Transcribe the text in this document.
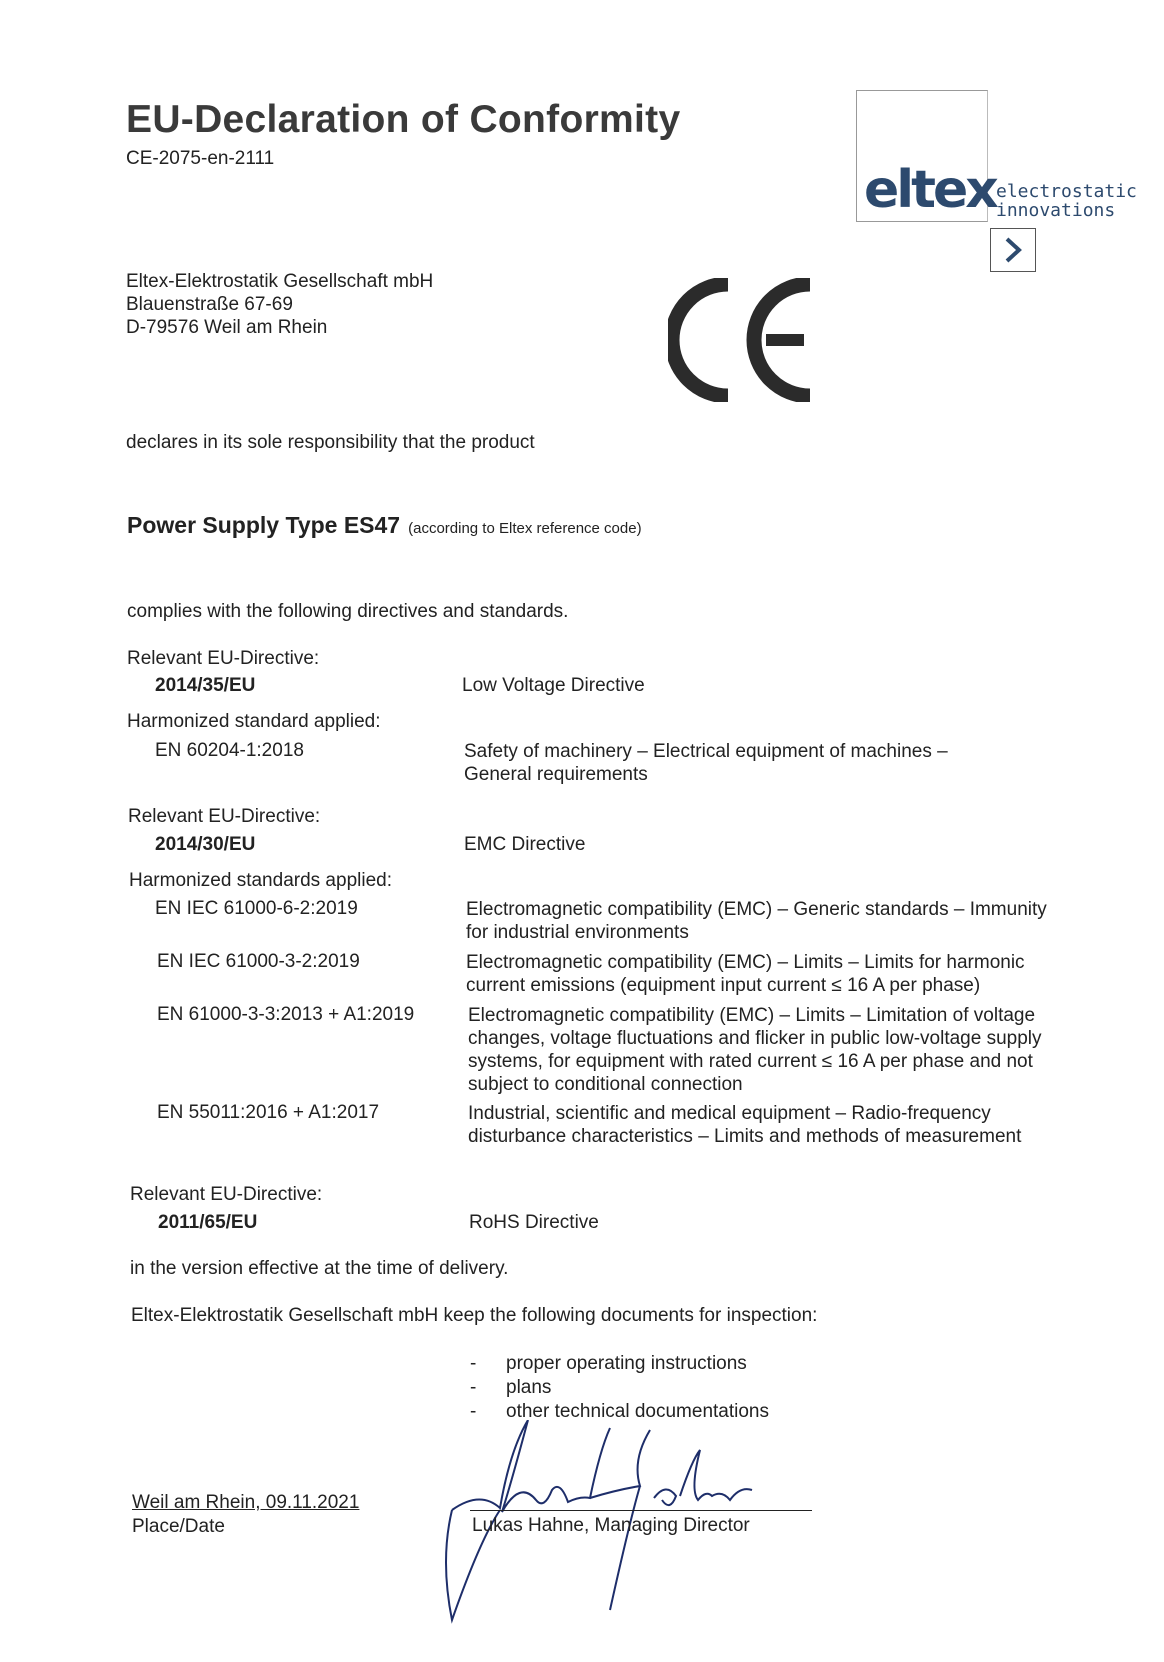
EU-Declaration of Conformity
CE-2075-en-2111
eltex electrostatic
innovations
Eltex-Elektrostatik Gesellschaft mbH
Blauenstraße 67-69
D-79576 Weil am Rhein
declares in its sole responsibility that the product
Power Supply Type ES47 (according to Eltex reference code)
complies with the following directives and standards.
Relevant EU-Directive:
2014/35/EU	Low Voltage Directive
Harmonized standard applied:
EN 60204-1:2018	Safety of machinery – Electrical equipment of machines – General requirements
Relevant EU-Directive:
2014/30/EU	EMC Directive
Harmonized standards applied:
EN IEC 61000-6-2:2019	Electromagnetic compatibility (EMC) – Generic standards – Immunity for industrial environments
EN IEC 61000-3-2:2019	Electromagnetic compatibility (EMC) – Limits – Limits for harmonic current emissions (equipment input current ≤ 16 A per phase)
EN 61000-3-3:2013 + A1:2019	Electromagnetic compatibility (EMC) – Limits – Limitation of voltage changes, voltage fluctuations and flicker in public low-voltage supply systems, for equipment with rated current ≤ 16 A per phase and not subject to conditional connection
EN 55011:2016 + A1:2017	Industrial, scientific and medical equipment – Radio-frequency disturbance characteristics – Limits and methods of measurement
Relevant EU-Directive:
2011/65/EU	RoHS Directive
in the version effective at the time of delivery.
Eltex-Elektrostatik Gesellschaft mbH keep the following documents for inspection:
- proper operating instructions
- plans
- other technical documentations
Weil am Rhein, 09.11.2021
Place/Date	Lukas Hahne, Managing Director
